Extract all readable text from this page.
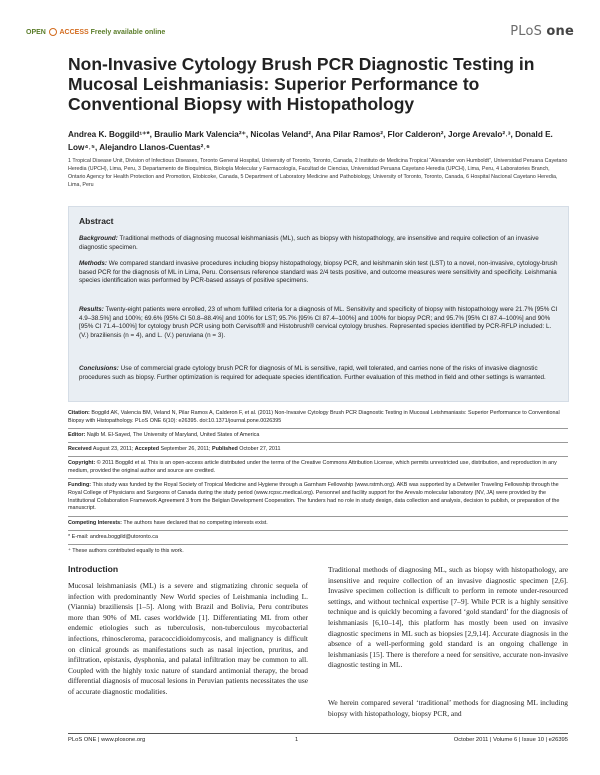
OPEN ACCESS Freely available online	PLoS one
Non-Invasive Cytology Brush PCR Diagnostic Testing in Mucosal Leishmaniasis: Superior Performance to Conventional Biopsy with Histopathology
Andrea K. Boggild¹⁺*, Braulio Mark Valencia²⁺, Nicolas Veland², Ana Pilar Ramos², Flor Calderon², Jorge Arevalo²˒³, Donald E. Low⁴˒⁵, Alejandro Llanos-Cuentas²˒⁶
1 Tropical Disease Unit, Division of Infectious Diseases, Toronto General Hospital, University of Toronto, Toronto, Canada, 2 Instituto de Medicina Tropical “Alexander von Humboldt”, Universidad Peruana Cayetano Heredia (UPCH), Lima, Peru, 3 Departamento de Bioquímica, Biología Molecular y Farmacología, Facultad de Ciencias, Universidad Peruana Cayetano Heredia (UPCH), Lima, Peru, 4 Laboratories Branch, Ontario Agency for Health Protection and Promotion, Etobicoke, Canada, 5 Department of Laboratory Medicine and Pathobiology, University of Toronto, Toronto, Canada, 6 Hospital Nacional Cayetano Heredia, Lima, Peru
Abstract
Background: Traditional methods of diagnosing mucosal leishmaniasis (ML), such as biopsy with histopathology, are insensitive and require collection of an invasive diagnostic specimen.
Methods: We compared standard invasive procedures including biopsy histopathology, biopsy PCR, and leishmanin skin test (LST) to a novel, non-invasive, cytology-brush based PCR for the diagnosis of ML in Lima, Peru. Consensus reference standard was 2/4 tests positive, and outcome measures were sensitivity and specificity. Leishmania species identification was performed by PCR-based assays of positive specimens.
Results: Twenty-eight patients were enrolled, 23 of whom fulfilled criteria for a diagnosis of ML. Sensitivity and specificity of biopsy with histopathology were 21.7% [95% CI 4.9–38.5%] and 100%; 69.6% [95% CI 50.8–88.4%] and 100% for LST; 95.7% [95% CI 87.4–100%] and 100% for biopsy PCR; and 95.7% [95% CI 87.4–100%] and 90% [95% CI 71.4–100%] for cytology brush PCR using both Cervisoft® and Histobrush® cervical cytology brushes. Represented species identified by PCR-RFLP included: L. (V.) braziliensis (n = 4), and L. (V.) peruviana (n = 3).
Conclusions: Use of commercial grade cytology brush PCR for diagnosis of ML is sensitive, rapid, well tolerated, and carries none of the risks of invasive diagnostic procedures such as biopsy. Further optimization is required for adequate species identification. Further evaluation of this method in field and other settings is warranted.
Citation: Boggild AK, Valencia BM, Veland N, Pilar Ramos A, Calderon F, et al. (2011) Non-Invasive Cytology Brush PCR Diagnostic Testing in Mucosal Leishmaniasis: Superior Performance to Conventional Biopsy with Histopathology. PLoS ONE 6(10): e26395. doi:10.1371/journal.pone.0026395
Editor: Najib M. El-Sayed, The University of Maryland, United States of America
Received August 23, 2011; Accepted September 26, 2011; Published October 27, 2011
Copyright: © 2011 Boggild et al. This is an open-access article distributed under the terms of the Creative Commons Attribution License, which permits unrestricted use, distribution, and reproduction in any medium, provided the original author and source are credited.
Funding: This study was funded by the Royal Society of Tropical Medicine and Hygiene through a Garnham Fellowship (www.rstmh.org). AKB was supported by a Detweiler Traveling Fellowship through the Royal College of Physicians and Surgeons of Canada during the study period (www.rcpsc.medical.org). Personnel and facility support for the Arevalo molecular laboratory (NV, JA) were provided by the Institutional Collaboration Framework Agreement 3 from the Belgian Development Cooperation. The funders had no role in study design, data collection and analysis, decision to publish, or preparation of the manuscript.
Competing Interests: The authors have declared that no competing interests exist.
* E-mail: andrea.boggild@utoronto.ca
⁺ These authors contributed equally to this work.
Introduction
Mucosal leishmaniasis (ML) is a severe and stigmatizing chronic sequela of infection with predominantly New World species of Leishmania including L. (Viannia) braziliensis [1–5]. Along with Brazil and Bolivia, Peru contributes more than 90% of ML cases worldwide [1]. Differentiating ML from other endemic etiologies such as tuberculosis, non-tuberculous mycobacterial infections, rhinoscleroma, paracoccidioidomycosis, and malignancy is difficult on clinical grounds as manifestations such as nasal injection, pruritus, and infiltration, epistaxis, dysphonia, and palatal infiltration may be common to all. Coupled with the highly toxic nature of standard antimonial therapy, the broad differential diagnosis of mucosal lesions in Peruvian patients necessitates the use of accurate diagnostic modalities.
Traditional methods of diagnosing ML, such as biopsy with histopathology, are insensitive and require collection of an invasive diagnostic specimen [2,6]. Invasive specimen collection is difficult to perform in remote under-resourced settings, and without technical expertise [7–9]. While PCR is a highly sensitive technique and is quickly becoming a favored ‘gold standard’ for the diagnosis of leishmaniasis [6,10–14], this platform has mostly been used on invasive diagnostic specimens in ML such as biopsies [2,9,14]. Accurate diagnosis in the absence of a well-performing gold standard is an ongoing challenge in leishmaniasis [15]. There is therefore a need for sensitive, accurate non-invasive diagnostic testing in ML.
We herein compared several ‘traditional’ methods for diagnosing ML including biopsy with histopathology, biopsy PCR, and
PLoS ONE | www.plosone.org	1	October 2011 | Volume 6 | Issue 10 | e26395
